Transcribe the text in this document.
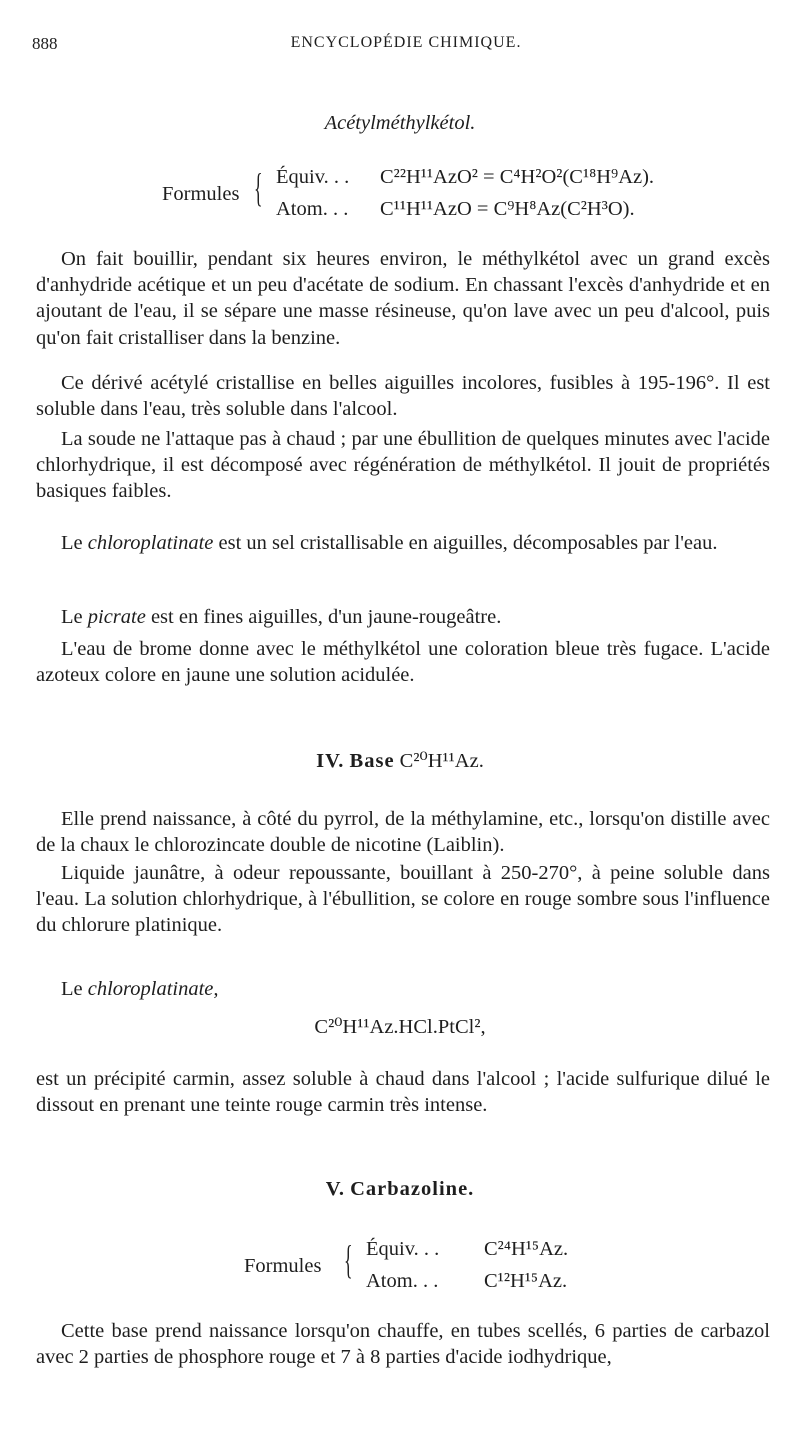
888	ENCYCLOPÉDIE CHIMIQUE.
Acétylméthylkétol.
Formules { Équiv. . . C²²H¹¹AzO² = C⁴H²O²(C¹⁸H⁹Az).
Atom. . . C¹¹H¹¹AzO = C⁹H⁸Az(C²H³O).

On fait bouillir, pendant six heures environ, le méthylkétol avec un grand excès d'anhydride acétique et un peu d'acétate de sodium. En chassant l'excès d'anhydride et en ajoutant de l'eau, il se sépare une masse résineuse, qu'on lave avec un peu d'alcool, puis qu'on fait cristalliser dans la benzine.

Ce dérivé acétylé cristallise en belles aiguilles incolores, fusibles à 195-196°. Il est soluble dans l'eau, très soluble dans l'alcool.

La soude ne l'attaque pas à chaud ; par une ébullition de quelques minutes avec l'acide chlorhydrique, il est décomposé avec régénération de méthylkétol. Il jouit de propriétés basiques faibles.

Le chloroplatinate est un sel cristallisable en aiguilles, décomposables par l'eau.

Le picrate est en fines aiguilles, d'un jaune-rougeâtre.

L'eau de brome donne avec le méthylkétol une coloration bleue très fugace. L'acide azoteux colore en jaune une solution acidulée.

IV. Base C²⁰H¹¹Az.

Elle prend naissance, à côté du pyrrol, de la méthylamine, etc., lorsqu'on distille avec de la chaux le chlorozincate double de nicotine (Laiblin).

Liquide jaunâtre, à odeur repoussante, bouillant à 250-270°, à peine soluble dans l'eau. La solution chlorhydrique, à l'ébullition, se colore en rouge sombre sous l'influence du chlorure platinique.

Le chloroplatinate,

C²⁰H¹¹Az.HCl.PtCl²,

est un précipité carmin, assez soluble à chaud dans l'alcool ; l'acide sulfurique dilué le dissout en prenant une teinte rouge carmin très intense.

V. Carbazoline.
Formules { Équiv. . . C²⁴H¹⁵Az.
Atom. . . C¹²H¹⁵Az.

Cette base prend naissance lorsqu'on chauffe, en tubes scellés, 6 parties de carbazol avec 2 parties de phosphore rouge et 7 à 8 parties d'acide iodhydrique,
